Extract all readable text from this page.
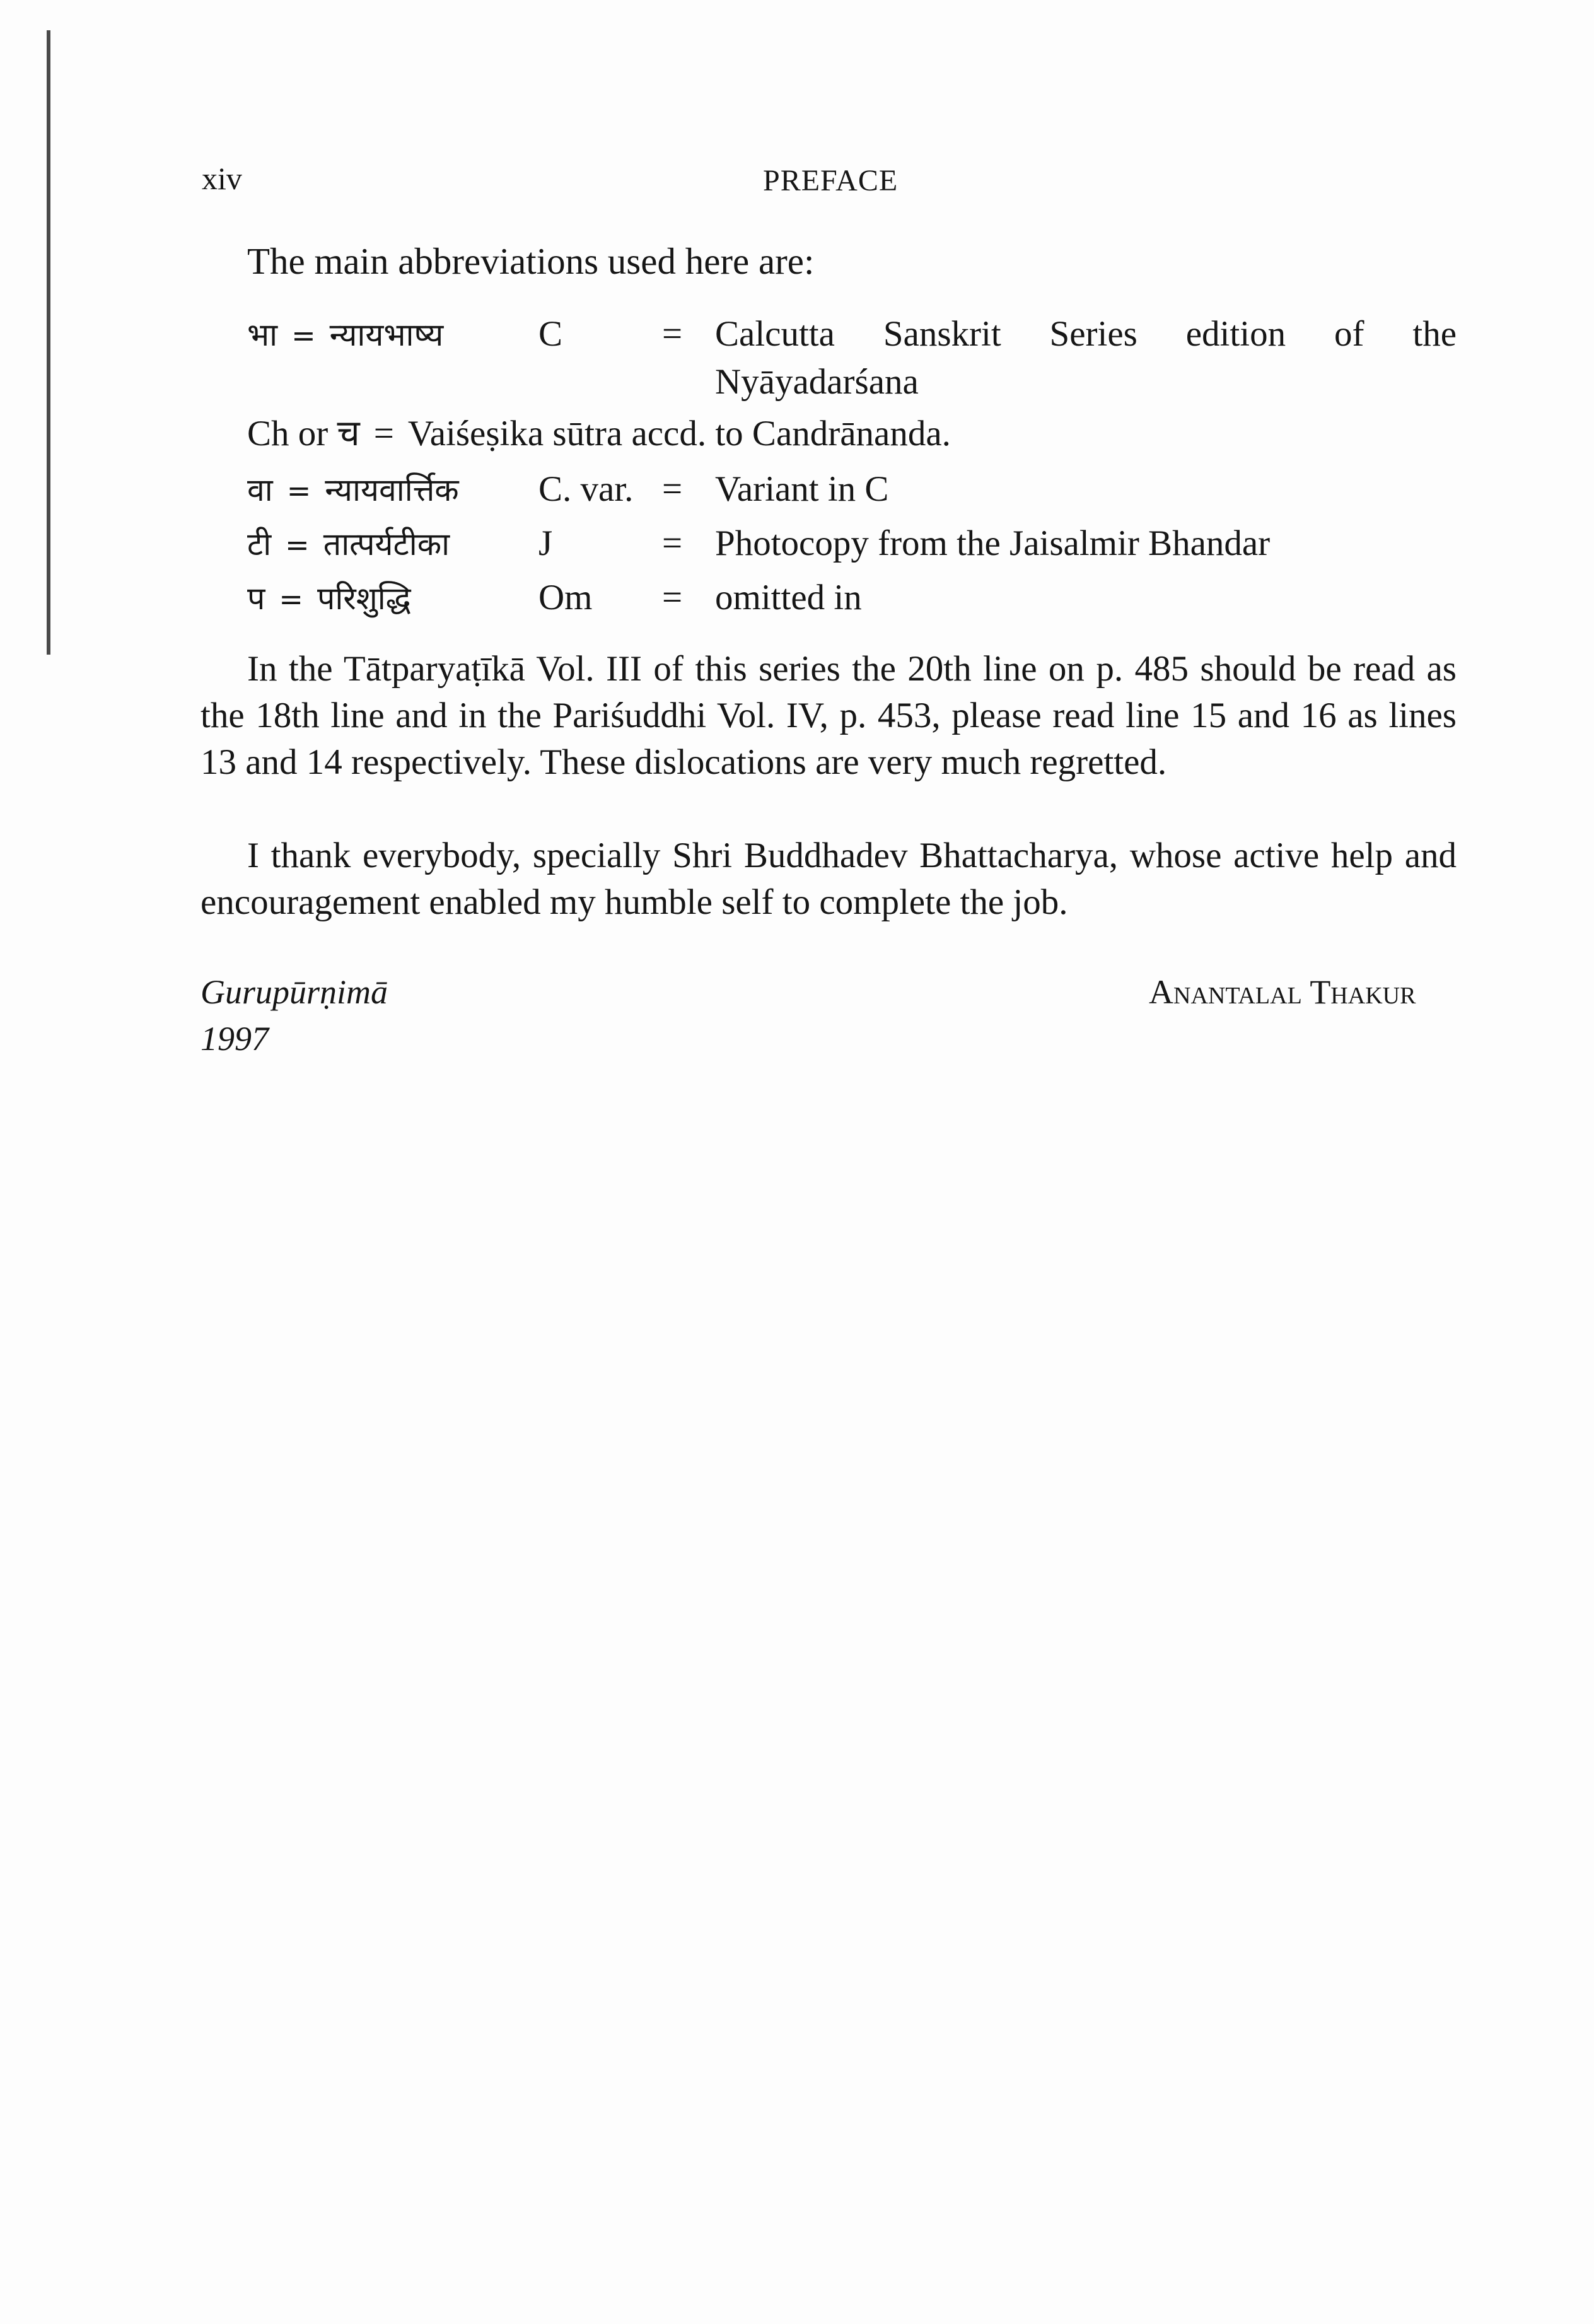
xiv	PREFACE
The main abbreviations used here are:
भा = न्यायभाष्य	C	= Calcutta Sanskrit Series edition of the
Nyāyadarśana
Ch or च = Vaiśeṣika sūtra accd. to Candrānanda.
वा = न्यायवार्त्तिक C. var. = Variant in C
टी = तात्पर्यटीका J	= Photocopy from the Jaisalmir Bhandar
प = परिशुद्धि	Om = omitted in

In the Tātparyaṭīkā Vol. III of this series the 20th line on p. 485 should be read as the 18th line and in the Pariśuddhi Vol. IV, p. 453, please read line 15 and 16 as lines 13 and 14 respectively. These dislocations are very much regretted.

I thank everybody, specially Shri Buddhadev Bhattacharya, whose active help and encouragement enabled my humble self to complete the job.

Gurupūrṇimā
1997
Anantalal Thakur
